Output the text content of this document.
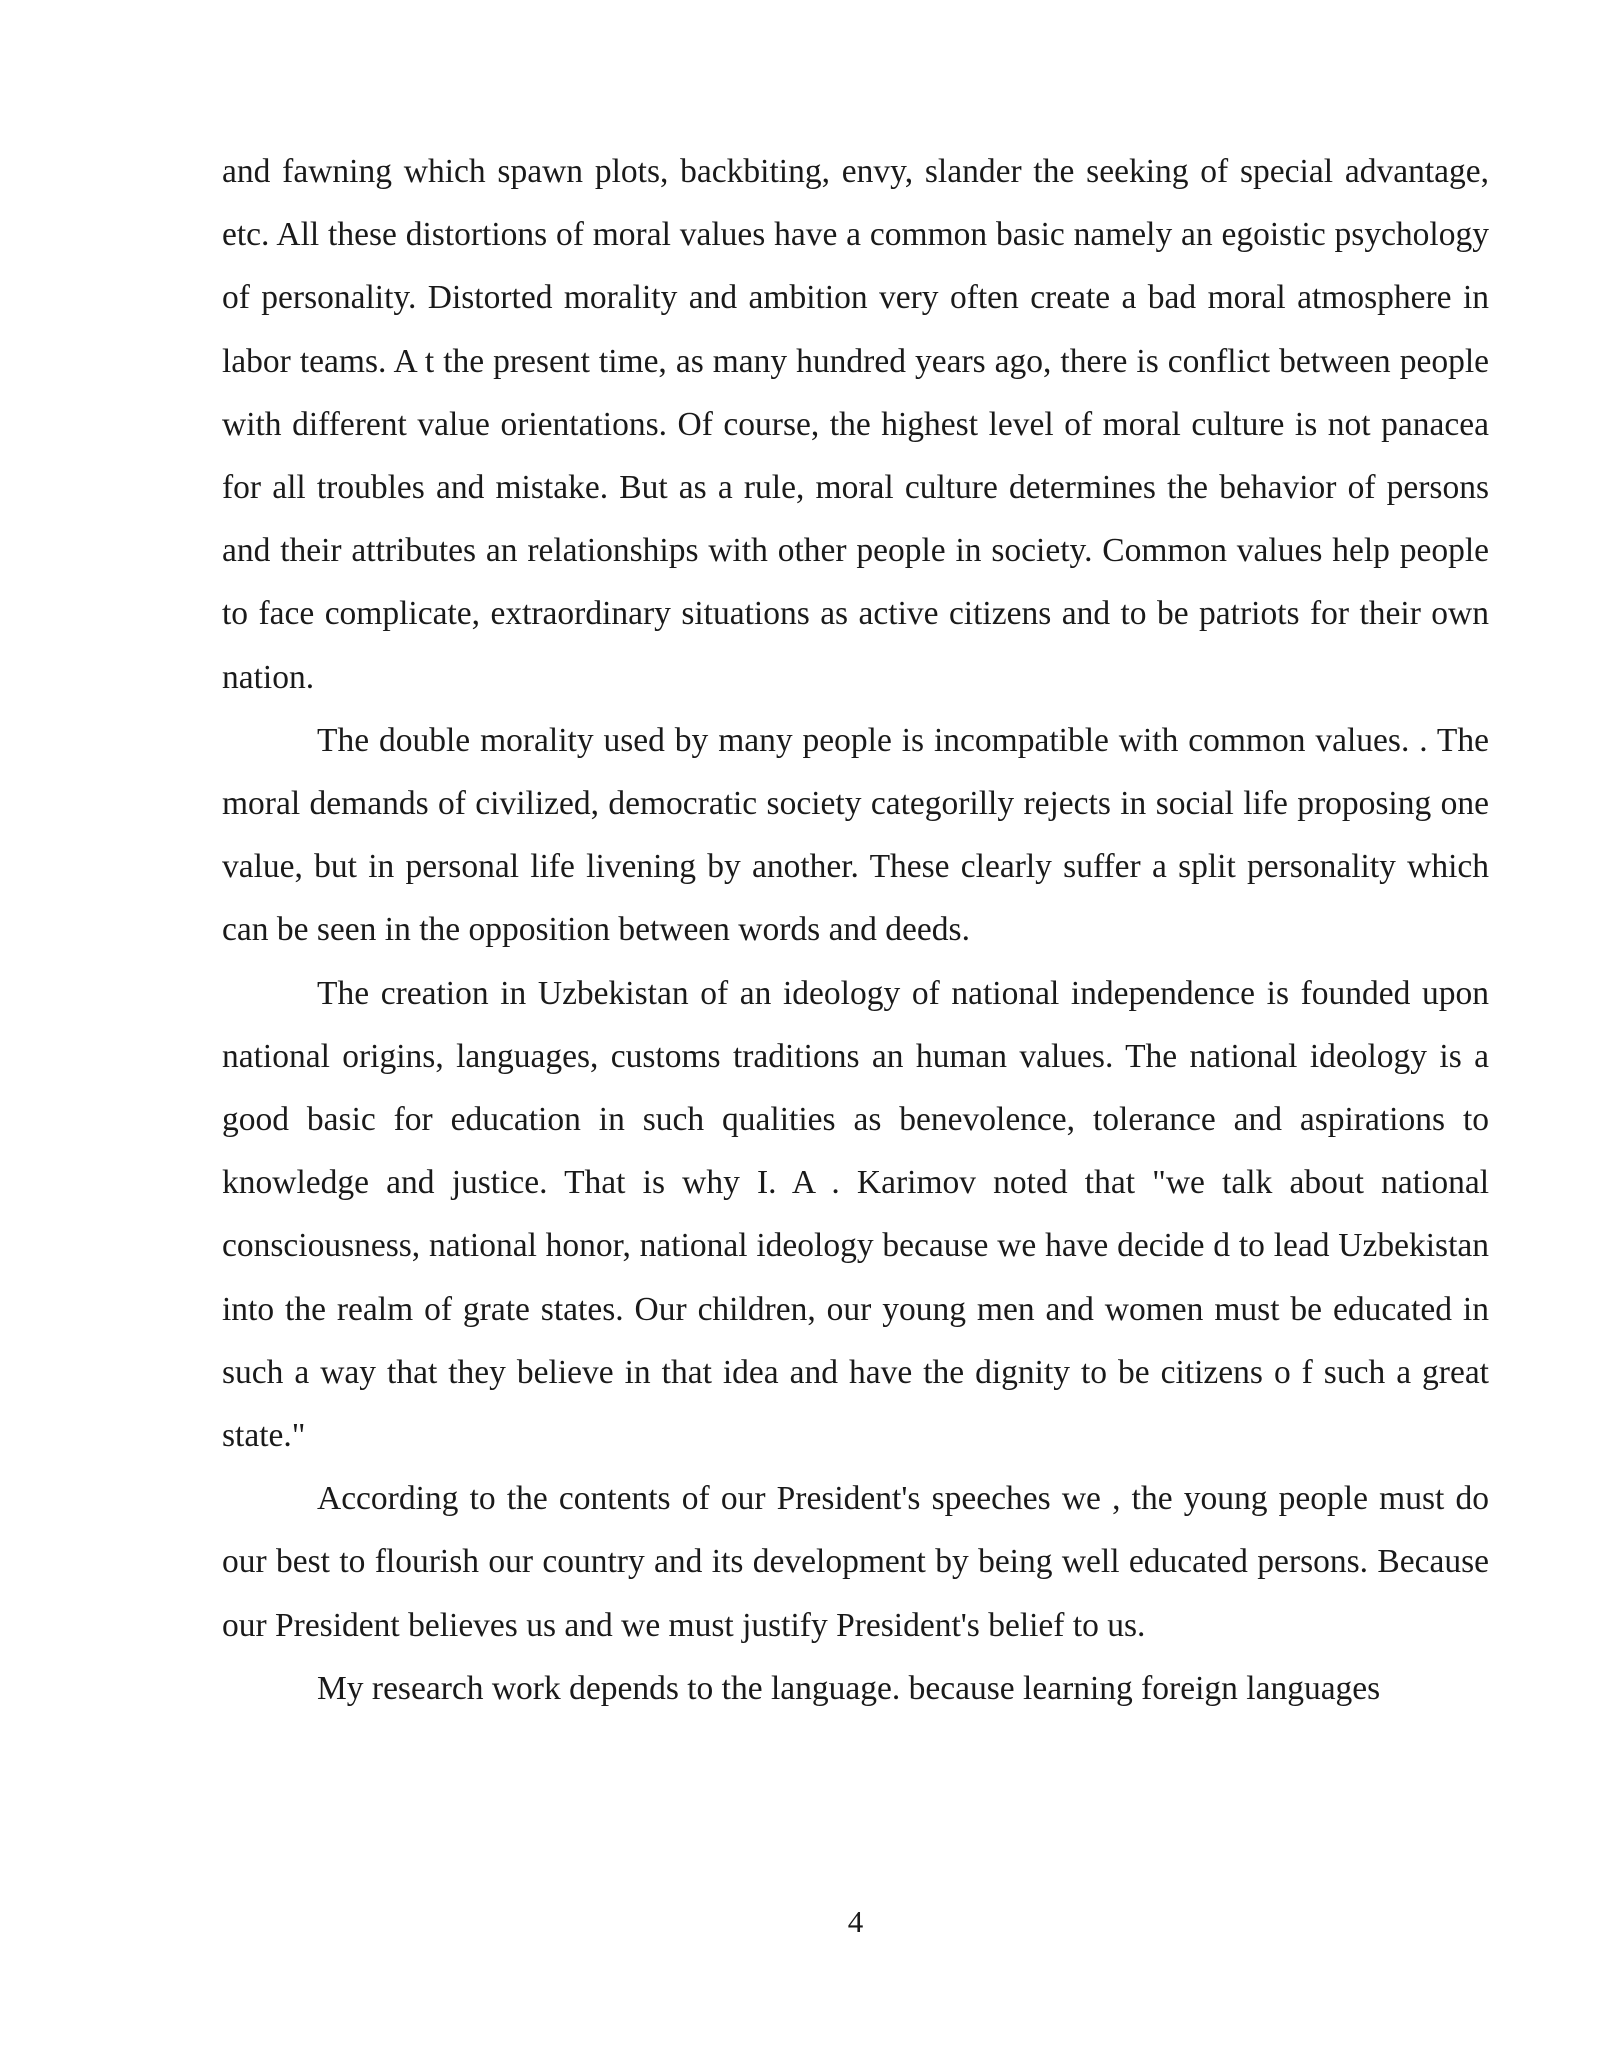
and fawning which spawn plots, backbiting, envy, slander the seeking of special advantage, etc. All these distortions of moral values have a common basic namely an egoistic psychology of personality. Distorted morality and ambition very often create a bad moral atmosphere in labor teams. A t the present time, as many hundred years ago, there is conflict between people with different value orientations. Of course, the highest level of moral culture is not panacea for all troubles and mistake. But as a rule, moral culture determines the behavior of persons and their attributes an relationships with other people in society. Common values help people to face complicate, extraordinary situations as active citizens and to be patriots for their own nation.

The double morality used by many people is incompatible with common values. . The moral demands of civilized, democratic society categorilly rejects in social life proposing one value, but in personal life livening by another. These clearly suffer a split personality which can be seen in the opposition between words and deeds.

The creation in Uzbekistan of an ideology of national independence is founded upon national origins, languages, customs traditions an human values. The national ideology is a good basic for education in such qualities as benevolence, tolerance and aspirations to knowledge and justice. That is why I. A . Karimov noted that "we talk about national consciousness, national honor, national ideology because we have decide d to lead Uzbekistan into the realm of grate states. Our children, our young men and women must be educated in such a way that they believe in that idea and have the dignity to be citizens o f such a great state."

According to the contents of our President's speeches we , the young people must do our best to flourish our country and its development by being well educated persons. Because our President believes us and we must justify President's belief to us.

My research work depends to the language. because learning foreign languages

4
